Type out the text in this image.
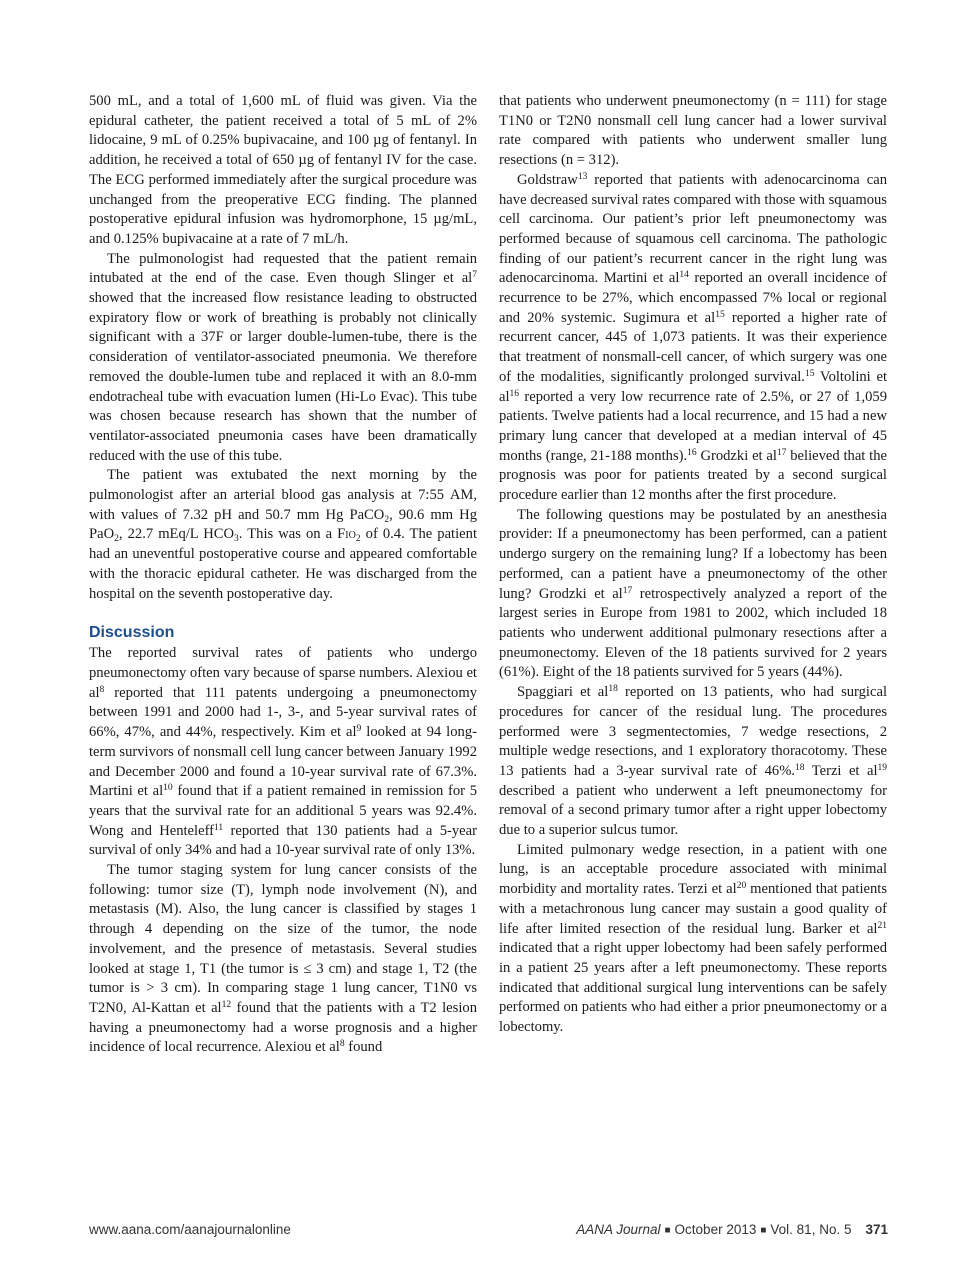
500 mL, and a total of 1,600 mL of fluid was given. Via the epidural catheter, the patient received a total of 5 mL of 2% lidocaine, 9 mL of 0.25% bupivacaine, and 100 µg of fentanyl. In addition, he received a total of 650 µg of fentanyl IV for the case. The ECG performed immediately after the surgical procedure was unchanged from the preoperative ECG finding. The planned postoperative epidural infusion was hydromorphone, 15 µg/mL, and 0.125% bupivacaine at a rate of 7 mL/h.

The pulmonologist had requested that the patient remain intubated at the end of the case. Even though Slinger et $al^7$ showed that the increased flow resistance leading to obstructed expiratory flow or work of breathing is probably not clinically significant with a 37F or larger double-lumen-tube, there is the consideration of ventilator-associated pneumonia. We therefore removed the double-lumen tube and replaced it with an 8.0-mm endotracheal tube with evacuation lumen (Hi-Lo Evac). This tube was chosen because research has shown that the number of ventilator-associated pneumonia cases have been dramatically reduced with the use of this tube.

The patient was extubated the next morning by the pulmonologist after an arterial blood gas analysis at 7:55 AM, with values of 7.32 pH and 50.7 mm Hg PaCO$_2$, 90.6 mm Hg PaO$_2$, 22.7 mEq/L $HCO_3$. This was on a Fio$_2$ of 0.4. The patient had an uneventful postoperative course and appeared comfortable with the thoracic epidural catheter. He was discharged from the hospital on the seventh postoperative day.

Discussion

The reported survival rates of patients who undergo pneumonectomy often vary because of sparse numbers. Alexiou et $al^8$ reported that 111 patents undergoing a pneumonectomy between 1991 and 2000 had 1-, 3-, and 5-year survival rates of 66%, 47%, and 44%, respectively. Kim et $al^9$ looked at 94 long-term survivors of nonsmall cell lung cancer between January 1992 and December 2000 and found a 10-year survival rate of 67.3%. Martini et $al^{10}$ found that if a patient remained in remission for 5 years that the survival rate for an additional 5 years was 92.4%. Wong and Henteleff$^{11}$ reported that 130 patients had a 5-year survival of only 34% and had a 10-year survival rate of only 13%.

The tumor staging system for lung cancer consists of the following: tumor size (T), lymph node involvement (N), and metastasis (M). Also, the lung cancer is classified by stages 1 through 4 depending on the size of the tumor, the node involvement, and the presence of metastasis. Several studies looked at stage 1, T1 (the tumor is ≤ 3 cm) and stage 1, T2 (the tumor is > 3 cm). In comparing stage 1 lung cancer, T1N0 vs T2N0, Al-Kattan et $al^{12}$ found that the patients with a T2 lesion having a pneumonectomy had a worse prognosis and a higher incidence of local recurrence. Alexiou et $al^8$ found

that patients who underwent pneumonectomy (n = 111) for stage T1N0 or T2N0 nonsmall cell lung cancer had a lower survival rate compared with patients who underwent smaller lung resections (n = 312).

Goldstraw$^{13}$ reported that patients with adenocarcinoma can have decreased survival rates compared with those with squamous cell carcinoma. Our patient’s prior left pneumonectomy was performed because of squamous cell carcinoma. The pathologic finding of our patient’s recurrent cancer in the right lung was adenocarcinoma. Martini et $al^{14}$ reported an overall incidence of recurrence to be 27%, which encompassed 7% local or regional and 20% systemic. Sugimura et $al^{15}$ reported a higher rate of recurrent cancer, 445 of 1,073 patients. It was their experience that treatment of nonsmall-cell cancer, of which surgery was one of the modalities, significantly prolonged survival.$^{15}$ Voltolini et $al^{16}$ reported a very low recurrence rate of 2.5%, or 27 of 1,059 patients. Twelve patients had a local recurrence, and 15 had a new primary lung cancer that developed at a median interval of 45 months (range, 21-188 months).$^{16}$ Grodzki et $al^{17}$ believed that the prognosis was poor for patients treated by a second surgical procedure earlier than 12 months after the first procedure.

The following questions may be postulated by an anesthesia provider: If a pneumonectomy has been performed, can a patient undergo surgery on the remaining lung? If a lobectomy has been performed, can a patient have a pneumonectomy of the other lung? Grodzki et $al^{17}$ retrospectively analyzed a report of the largest series in Europe from 1981 to 2002, which included 18 patients who underwent additional pulmonary resections after a pneumonectomy. Eleven of the 18 patients survived for 2 years (61%). Eight of the 18 patients survived for 5 years (44%).

Spaggiari et $al^{18}$ reported on 13 patients, who had surgical procedures for cancer of the residual lung. The procedures performed were 3 segmentectomies, 7 wedge resections, 2 multiple wedge resections, and 1 exploratory thoracotomy. These 13 patients had a 3-year survival rate of 46%.$^{18}$ Terzi et $al^{19}$ described a patient who underwent a left pneumonectomy for removal of a second primary tumor after a right upper lobectomy due to a superior sulcus tumor.

Limited pulmonary wedge resection, in a patient with one lung, is an acceptable procedure associated with minimal morbidity and mortality rates. Terzi et $al^{20}$ mentioned that patients with a metachronous lung cancer may sustain a good quality of life after limited resection of the residual lung. Barker et $al^{21}$ indicated that a right upper lobectomy had been safely performed in a patient 25 years after a left pneumonectomy. These reports indicated that additional surgical lung interventions can be safely performed on patients who had either a prior pneumonectomy or a lobectomy.

www.aana.com/aanajournalonline	AANA Journal ■ October 2013 ■ Vol. 81, No. 5 371
